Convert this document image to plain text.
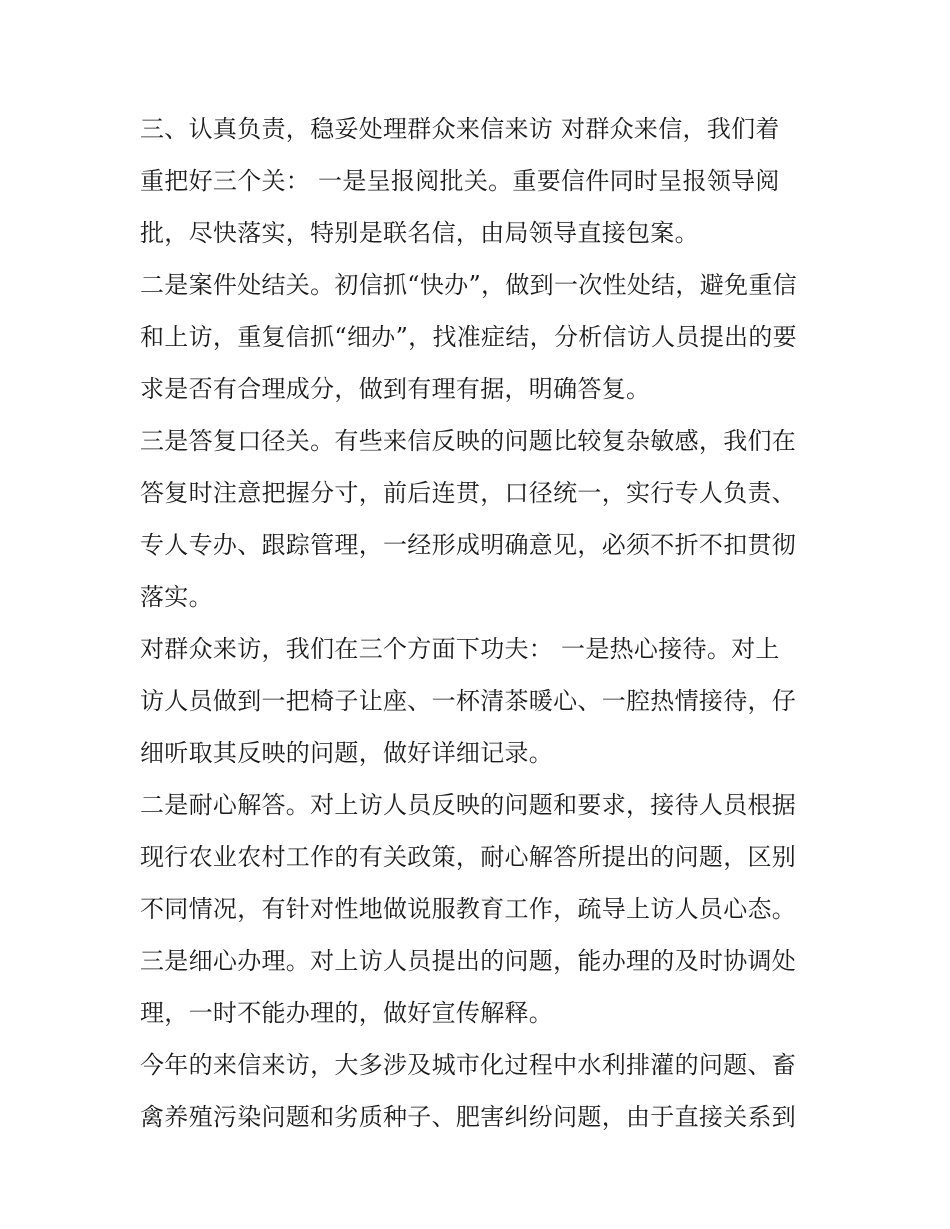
三、认真负责，稳妥处理群众来信来访 对群众来信，我们着
重把好三个关： 一是呈报阅批关。重要信件同时呈报领导阅
批，尽快落实，特别是联名信，由局领导直接包案。
二是案件处结关。初信抓“快办”，做到一次性处结，避免重信
和上访，重复信抓“细办”，找准症结，分析信访人员提出的要
求是否有合理成分，做到有理有据，明确答复。
三是答复口径关。有些来信反映的问题比较复杂敏感，我们在
答复时注意把握分寸，前后连贯，口径统一，实行专人负责、
专人专办、跟踪管理，一经形成明确意见，必须不折不扣贯彻
落实。
对群众来访，我们在三个方面下功夫： 一是热心接待。对上
访人员做到一把椅子让座、一杯清茶暖心、一腔热情接待，仔
细听取其反映的问题，做好详细记录。
二是耐心解答。对上访人员反映的问题和要求，接待人员根据
现行农业农村工作的有关政策，耐心解答所提出的问题，区别
不同情况，有针对性地做说服教育工作，疏导上访人员心态。
三是细心办理。对上访人员提出的问题，能办理的及时协调处
理，一时不能办理的，做好宣传解释。
今年的来信来访，大多涉及城市化过程中水利排灌的问题、畜
禽养殖污染问题和劣质种子、肥害纠纷问题，由于直接关系到
